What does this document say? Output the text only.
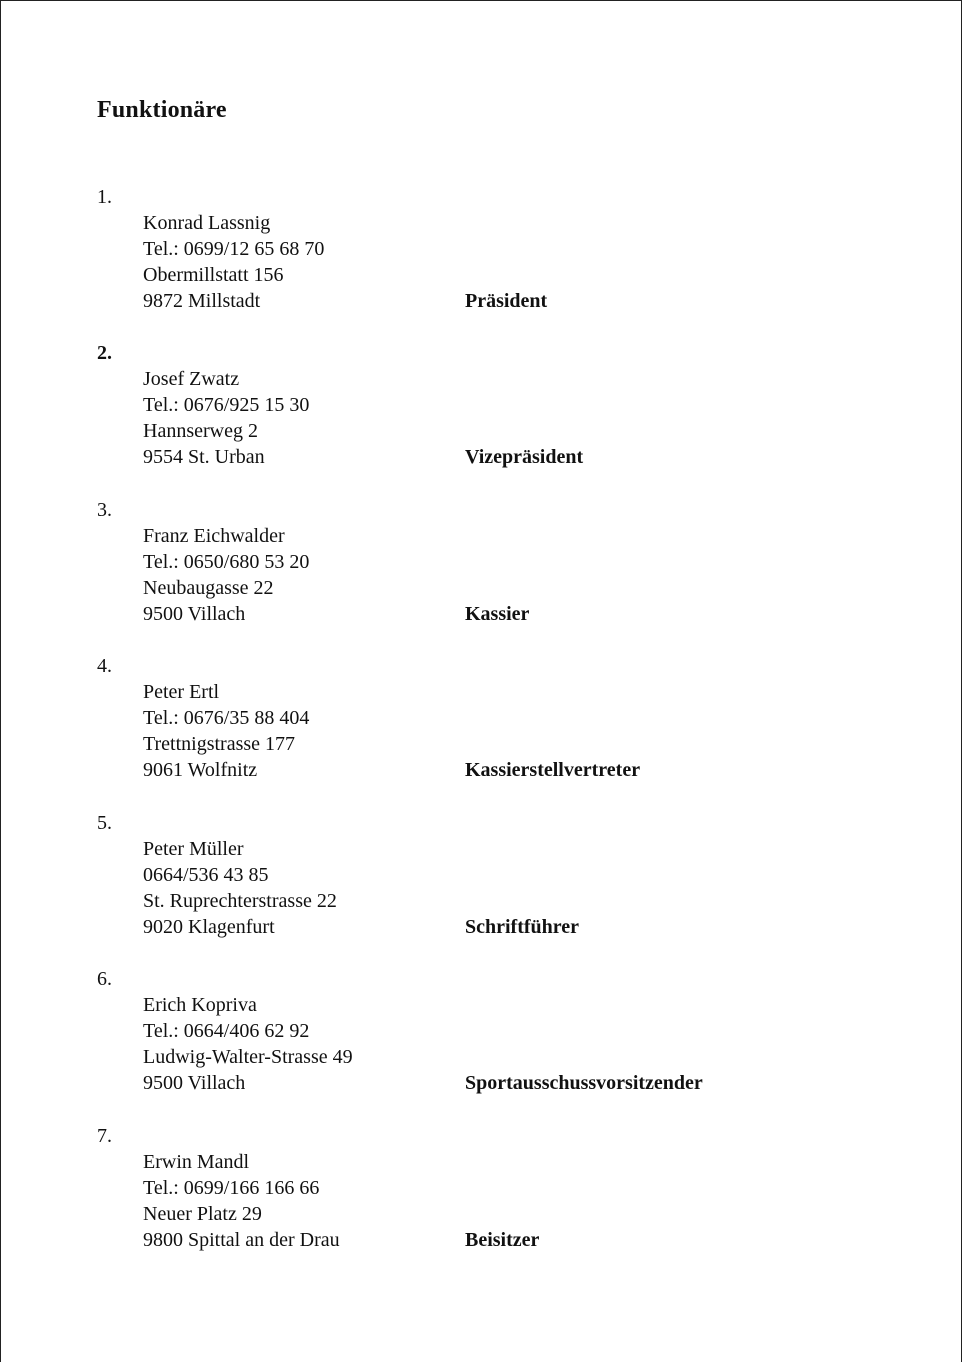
Funktionäre
1.
Konrad Lassnig
Tel.: 0699/12 65 68 70
Obermillstatt 156
9872 Millstadt	Präsident
2.
Josef Zwatz
Tel.: 0676/925 15 30
Hannserweg 2
9554 St. Urban	Vizepräsident
3.
Franz Eichwalder
Tel.: 0650/680 53 20
Neubaugasse 22
9500 Villach	Kassier
4.
Peter Ertl
Tel.: 0676/35 88 404
Trettnigstrasse 177
9061 Wolfnitz	Kassierstellvertreter
5.
Peter Müller
0664/536 43 85
St. Ruprechterstrasse 22
9020 Klagenfurt	Schriftführer
6.
Erich Kopriva
Tel.: 0664/406 62 92
Ludwig-Walter-Strasse 49
9500 Villach	Sportausschussvorsitzender
7.
Erwin Mandl
Tel.: 0699/166 166 66
Neuer Platz 29
9800 Spittal an der Drau	Beisitzer
